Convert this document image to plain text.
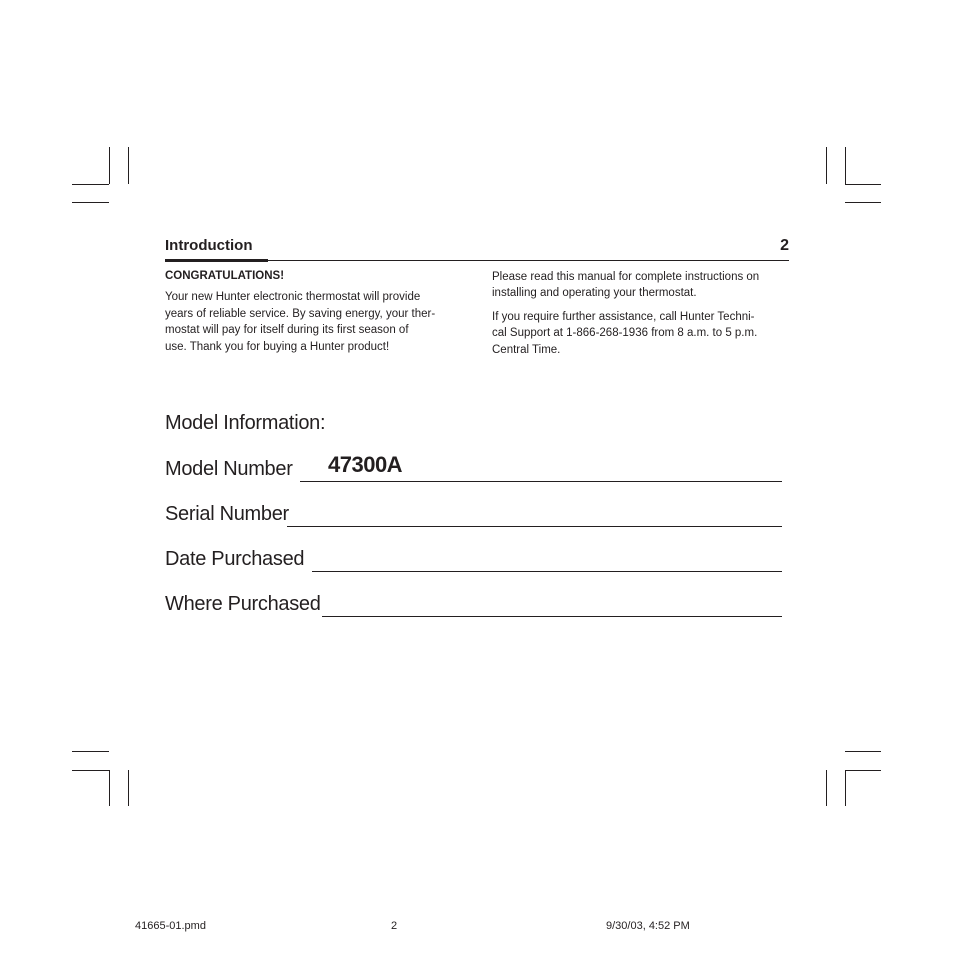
Introduction	2

CONGRATULATIONS!

Your new Hunter electronic thermostat will provide

years of reliable service. By saving energy, your ther-

mostat will pay for itself during its first season of

use. Thank you for buying a Hunter product!

Please read this manual for complete instructions on
installing and operating your thermostat.

If you require further assistance, call Hunter Techni-
cal Support at 1-866-268-1936 from 8 a.m. to 5 p.m.
Central Time.

Model Information:
Model Number 47300A
Serial Number
Date Purchased
Where Purchased
41665-01.pmd	2	9/30/03, 4:52 PM
